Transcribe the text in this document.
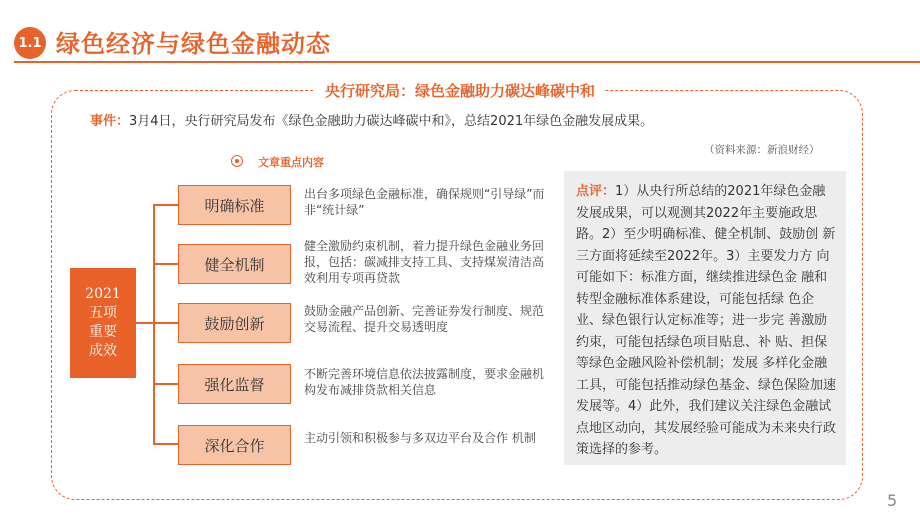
1.1 绿色经济与绿色金融动态
央行研究局：绿色金融助力碳达峰碳中和
事件：3月4日，央行研究局发布《绿色金融助力碳达峰碳中和》，总结2021年绿色金融发展成果。
（资料来源：新浪财经）
文章重点内容
2021
五项
重要
成效
明确标准
出台多项绿色金融标准，确保规则“引导绿”而非“统计绿”
健全机制
健全激励约束机制，着力提升绿色金融业务回报，包括：碳减排支持工具、支持煤炭清洁高效利用专项再贷款
鼓励创新
鼓励金融产品创新、完善证券发行制度、规范交易流程、提升交易透明度
强化监督
不断完善环境信息依法披露制度，要求金融机构发布减排贷款相关信息
深化合作	主动引领和积极参与多双边平台及合作 机制
点评：1）从央行所总结的2021年绿色金融发展成果，可以观测其2022年主要施政思 路。2）至少明确标准、健全机制、鼓励创 新三方面将延续至2022年。3）主要发力方 向可能如下：标准方面，继续推进绿色金 融和转型金融标准体系建设，可能包括绿 色企业、绿色银行认定标准等；进一步完 善激励约束，可能包括绿色项目贴息、补 贴、担保等绿色金融风险补偿机制；发展 多样化金融工具，可能包括推动绿色基金、绿色保险加速发展等。4）此外，我们建议关注绿色金融试点地区动向，其发展经验可能成为未来央行政策选择的参考。
5
